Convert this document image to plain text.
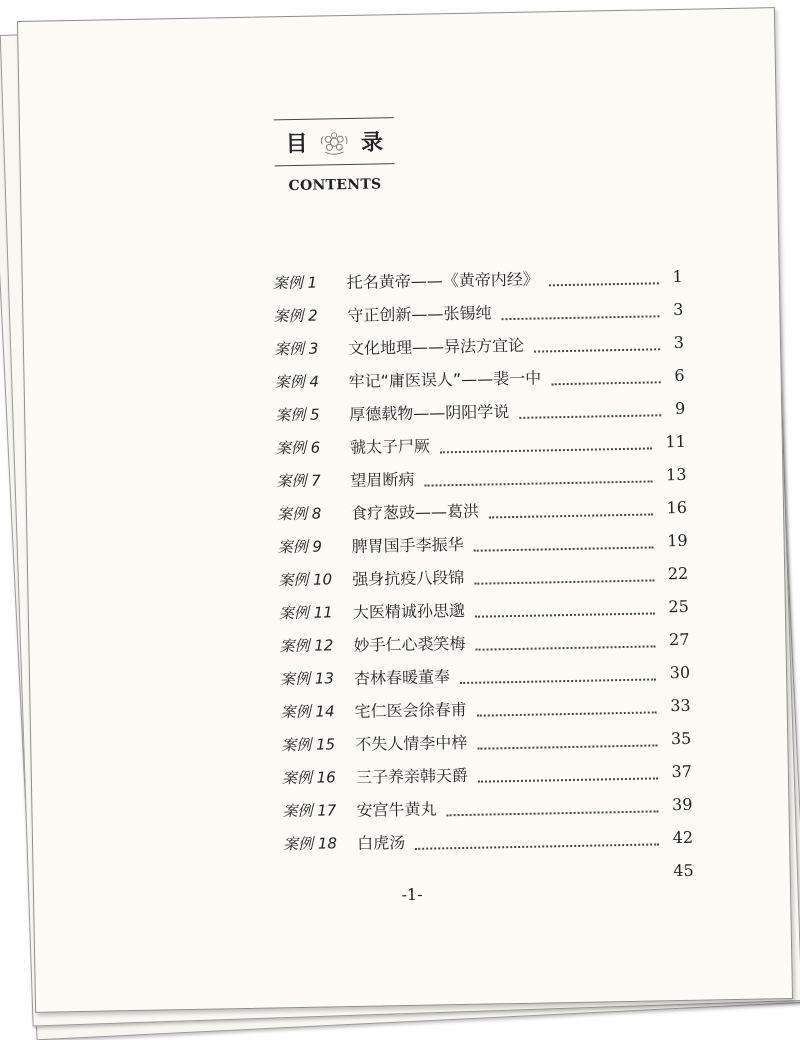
目 录
CONTENTS
案例 1 托名黄帝——《黄帝内经》	1
案例 2 守正创新——张锡纯	3
案例 3 文化地理——异法方宜论	3
案例 4 牢记“庸医误人”——裴一中	6
案例 5 厚德载物——阴阳学说	9
案例 6 虢太子尸厥	11
案例 7 望眉断病	13
案例 8 食疗葱豉——葛洪	16
案例 9 脾胃国手李振华	19
案例 10 强身抗疫八段锦	22
案例 11 大医精诚孙思邈	25
案例 12 妙手仁心裘笑梅	27
案例 13 杏林春暖董奉	30
案例 14 宅仁医会徐春甫	33
案例 15 不失人情李中梓	35
案例 16 三子养亲韩天爵	37
案例 17 安宫牛黄丸	39
案例 18 白虎汤	42
45
-1-
